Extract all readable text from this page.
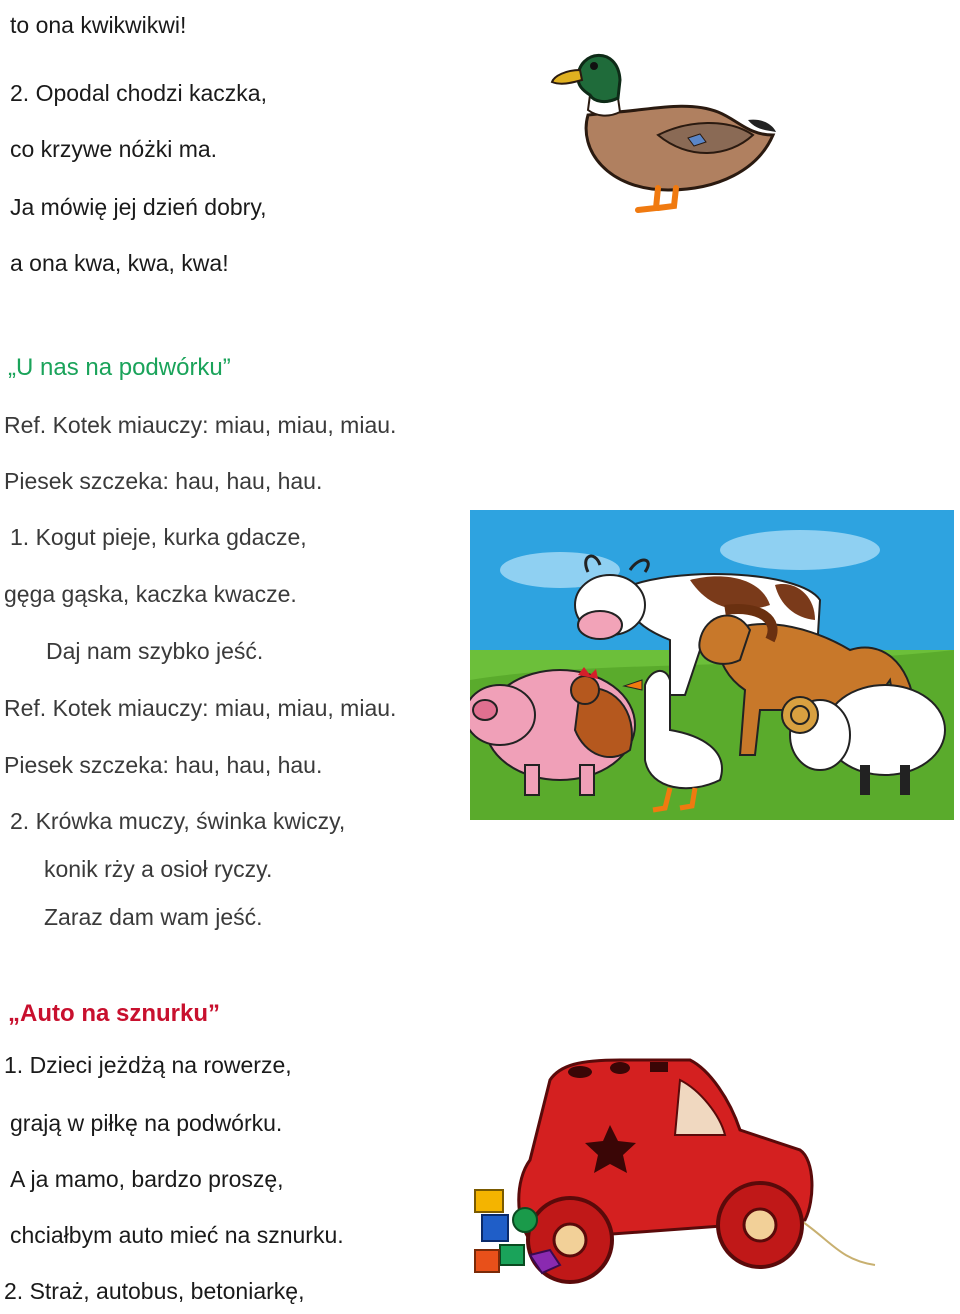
to ona kwikwikwi!
2. Opodal chodzi kaczka,
co krzywe nóżki ma.
Ja mówię jej dzień dobry,
a ona kwa, kwa, kwa!
„U nas na podwórku”
Ref. Kotek miauczy: miau, miau, miau.
Piesek szczeka: hau, hau, hau.
1. Kogut pieje, kurka gdacze,
gęga gąska, kaczka kwacze.
Daj nam szybko jeść.
Ref. Kotek miauczy: miau, miau, miau.
Piesek szczeka: hau, hau, hau.
2. Krówka muczy, świnka kwiczy,
konik rży a osioł ryczy.
Zaraz dam wam jeść.
„Auto na sznurku”
1. Dzieci jeżdżą na rowerze,
grają w piłkę na podwórku.
A ja mamo, bardzo proszę,
chciałbym auto mieć na sznurku.
2. Straż, autobus, betoniarkę,
